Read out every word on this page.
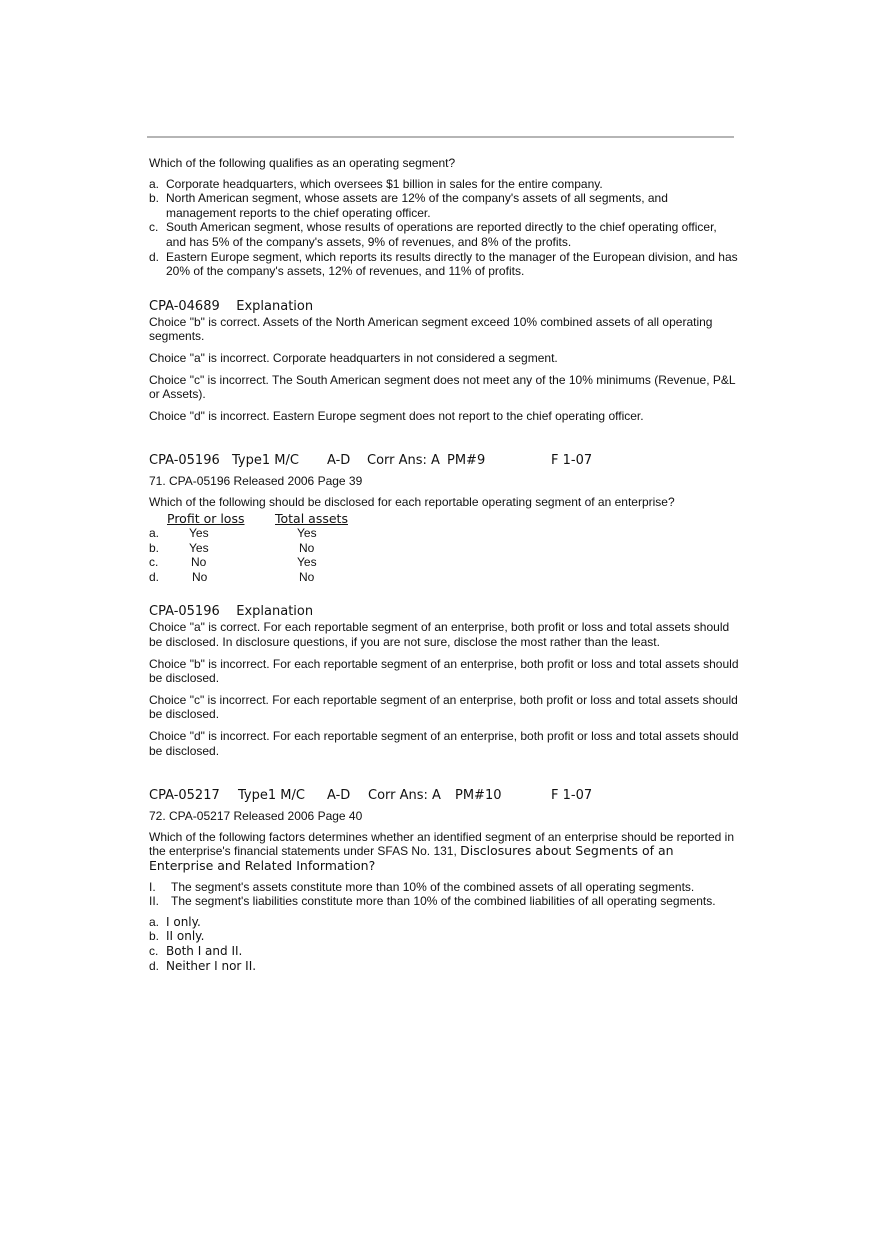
Which of the following qualifies as an operating segment?

a. Corporate headquarters, which oversees $1 billion in sales for the entire company.
b. North American segment, whose assets are 12% of the company's assets of all segments, and management reports to the chief operating officer.
c. South American segment, whose results of operations are reported directly to the chief operating officer, and has 5% of the company's assets, 9% of revenues, and 8% of the profits.
d. Eastern Europe segment, which reports its results directly to the manager of the European division, and has 20% of the company's assets, 12% of revenues, and 11% of profits.
CPA-04689    Explanation

Choice "b" is correct. Assets of the North American segment exceed 10% combined assets of all operating segments.

Choice "a" is incorrect. Corporate headquarters in not considered a segment.

Choice "c" is incorrect. The South American segment does not meet any of the 10% minimums (Revenue, P&L or Assets).

Choice "d" is incorrect. Eastern Europe segment does not report to the chief operating officer.

CPA-05196 Type1 M/C	A-D	Corr Ans: A PM#9	F 1-07

71. CPA-05196 Released 2006 Page 39

Which of the following should be disclosed for each reportable operating segment of an enterprise?

	Profit or loss	Total assets
a.	Yes	Yes
b.	Yes	No
c.	No	Yes
d.	No	No
CPA-05196    Explanation

Choice "a" is correct. For each reportable segment of an enterprise, both profit or loss and total assets should be disclosed. In disclosure questions, if you are not sure, disclose the most rather than the least.

Choice "b" is incorrect. For each reportable segment of an enterprise, both profit or loss and total assets should be disclosed.

Choice "c" is incorrect. For each reportable segment of an enterprise, both profit or loss and total assets should be disclosed.

Choice "d" is incorrect. For each reportable segment of an enterprise, both profit or loss and total assets should be disclosed.

CPA-05217	Type1 M/C	A-D	Corr Ans: A	PM#10	F 1-07

72. CPA-05217 Released 2006 Page 40

Which of the following factors determines whether an identified segment of an enterprise should be reported in the enterprise's financial statements under SFAS No. 131, Disclosures about Segments of an Enterprise and Related Information?

I.	The segment's assets constitute more than 10% of the combined assets of all operating segments.
II. The segment's liabilities constitute more than 10% of the combined liabilities of all operating segments.
a. I only.
b. II only.
c. Both I and II.
d. Neither I nor II.
